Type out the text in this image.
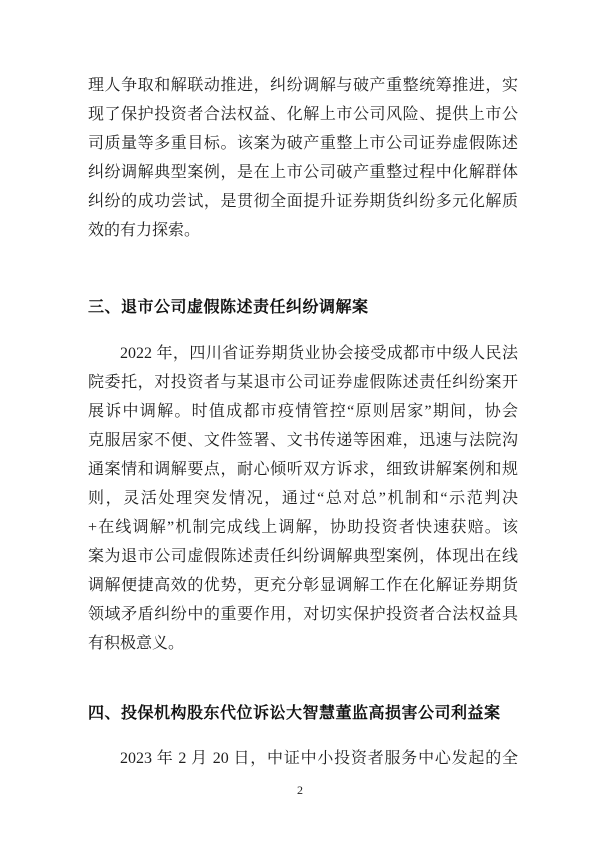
理人争取和解联动推进，纠纷调解与破产重整统筹推进，实
现了保护投资者合法权益、化解上市公司风险、提供上市公
司质量等多重目标。该案为破产重整上市公司证券虚假陈述
纠纷调解典型案例，是在上市公司破产重整过程中化解群体
纠纷的成功尝试，是贯彻全面提升证券期货纠纷多元化解质
效的有力探索。
三、退市公司虚假陈述责任纠纷调解案
2022 年，四川省证券期货业协会接受成都市中级人民法
院委托，对投资者与某退市公司证券虚假陈述责任纠纷案开
展诉中调解。时值成都市疫情管控“原则居家”期间，协会
克服居家不便、文件签署、文书传递等困难，迅速与法院沟
通案情和调解要点，耐心倾听双方诉求，细致讲解案例和规
则，灵活处理突发情况，通过“总对总”机制和“示范判决
+在线调解”机制完成线上调解，协助投资者快速获赔。该
案为退市公司虚假陈述责任纠纷调解典型案例，体现出在线
调解便捷高效的优势，更充分彰显调解工作在化解证券期货
领域矛盾纠纷中的重要作用，对切实保护投资者合法权益具
有积极意义。
四、投保机构股东代位诉讼大智慧董监高损害公司利益案
2023 年 2 月 20 日，中证中小投资者服务中心发起的全
2
